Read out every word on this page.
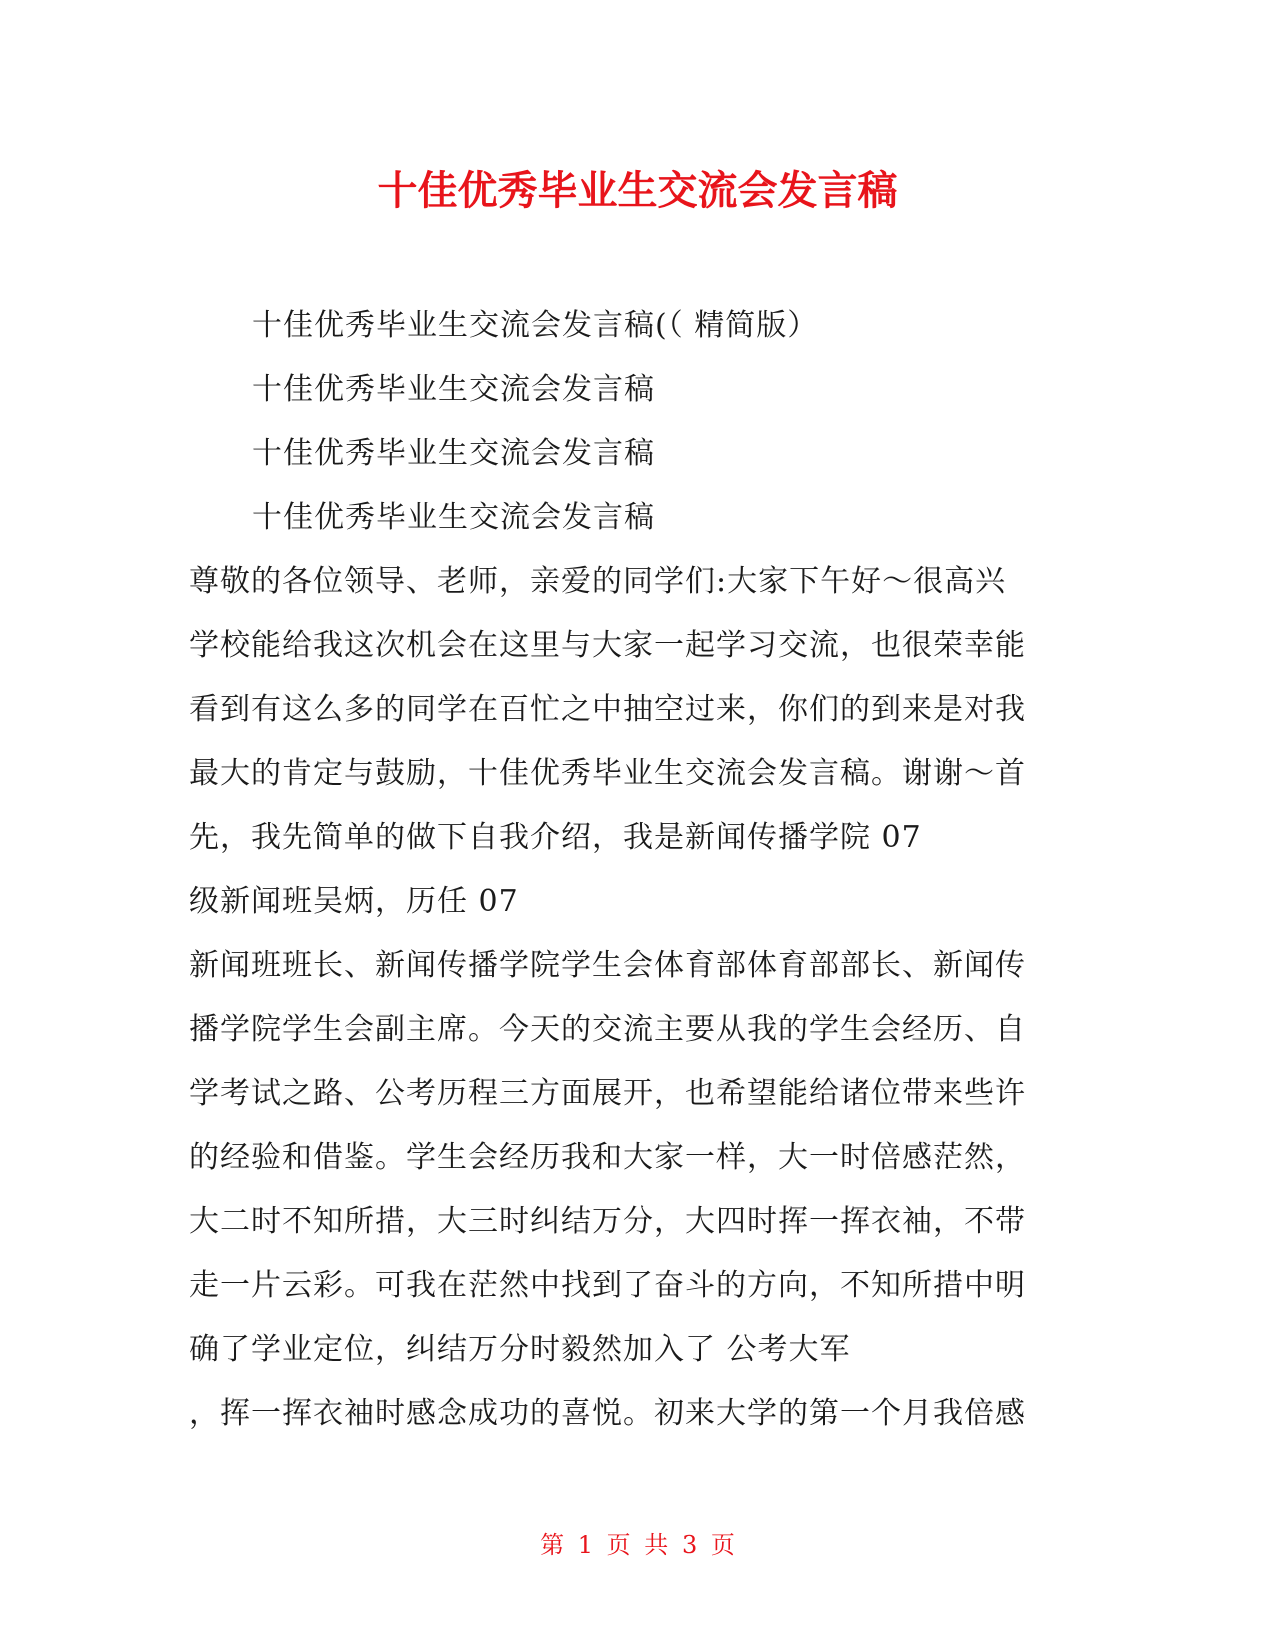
十佳优秀毕业生交流会发言稿
十佳优秀毕业生交流会发言稿(（ 精简版）
十佳优秀毕业生交流会发言稿
十佳优秀毕业生交流会发言稿
十佳优秀毕业生交流会发言稿
尊敬的各位领导、老师，亲爱的同学们:大家下午好～很高兴
学校能给我这次机会在这里与大家一起学习交流，也很荣幸能
看到有这么多的同学在百忙之中抽空过来，你们的到来是对我
最大的肯定与鼓励，十佳优秀毕业生交流会发言稿。谢谢～首
先，我先简单的做下自我介绍，我是新闻传播学院 07
级新闻班吴炳，历任 07
新闻班班长、新闻传播学院学生会体育部体育部部长、新闻传
播学院学生会副主席。今天的交流主要从我的学生会经历、自
学考试之路、公考历程三方面展开，也希望能给诸位带来些许
的经验和借鉴。学生会经历我和大家一样，大一时倍感茫然，
大二时不知所措，大三时纠结万分，大四时挥一挥衣袖，不带
走一片云彩。可我在茫然中找到了奋斗的方向，不知所措中明
确了学业定位，纠结万分时毅然加入了 公考大军
，挥一挥衣袖时感念成功的喜悦。初来大学的第一个月我倍感
第 1 页 共 3 页
